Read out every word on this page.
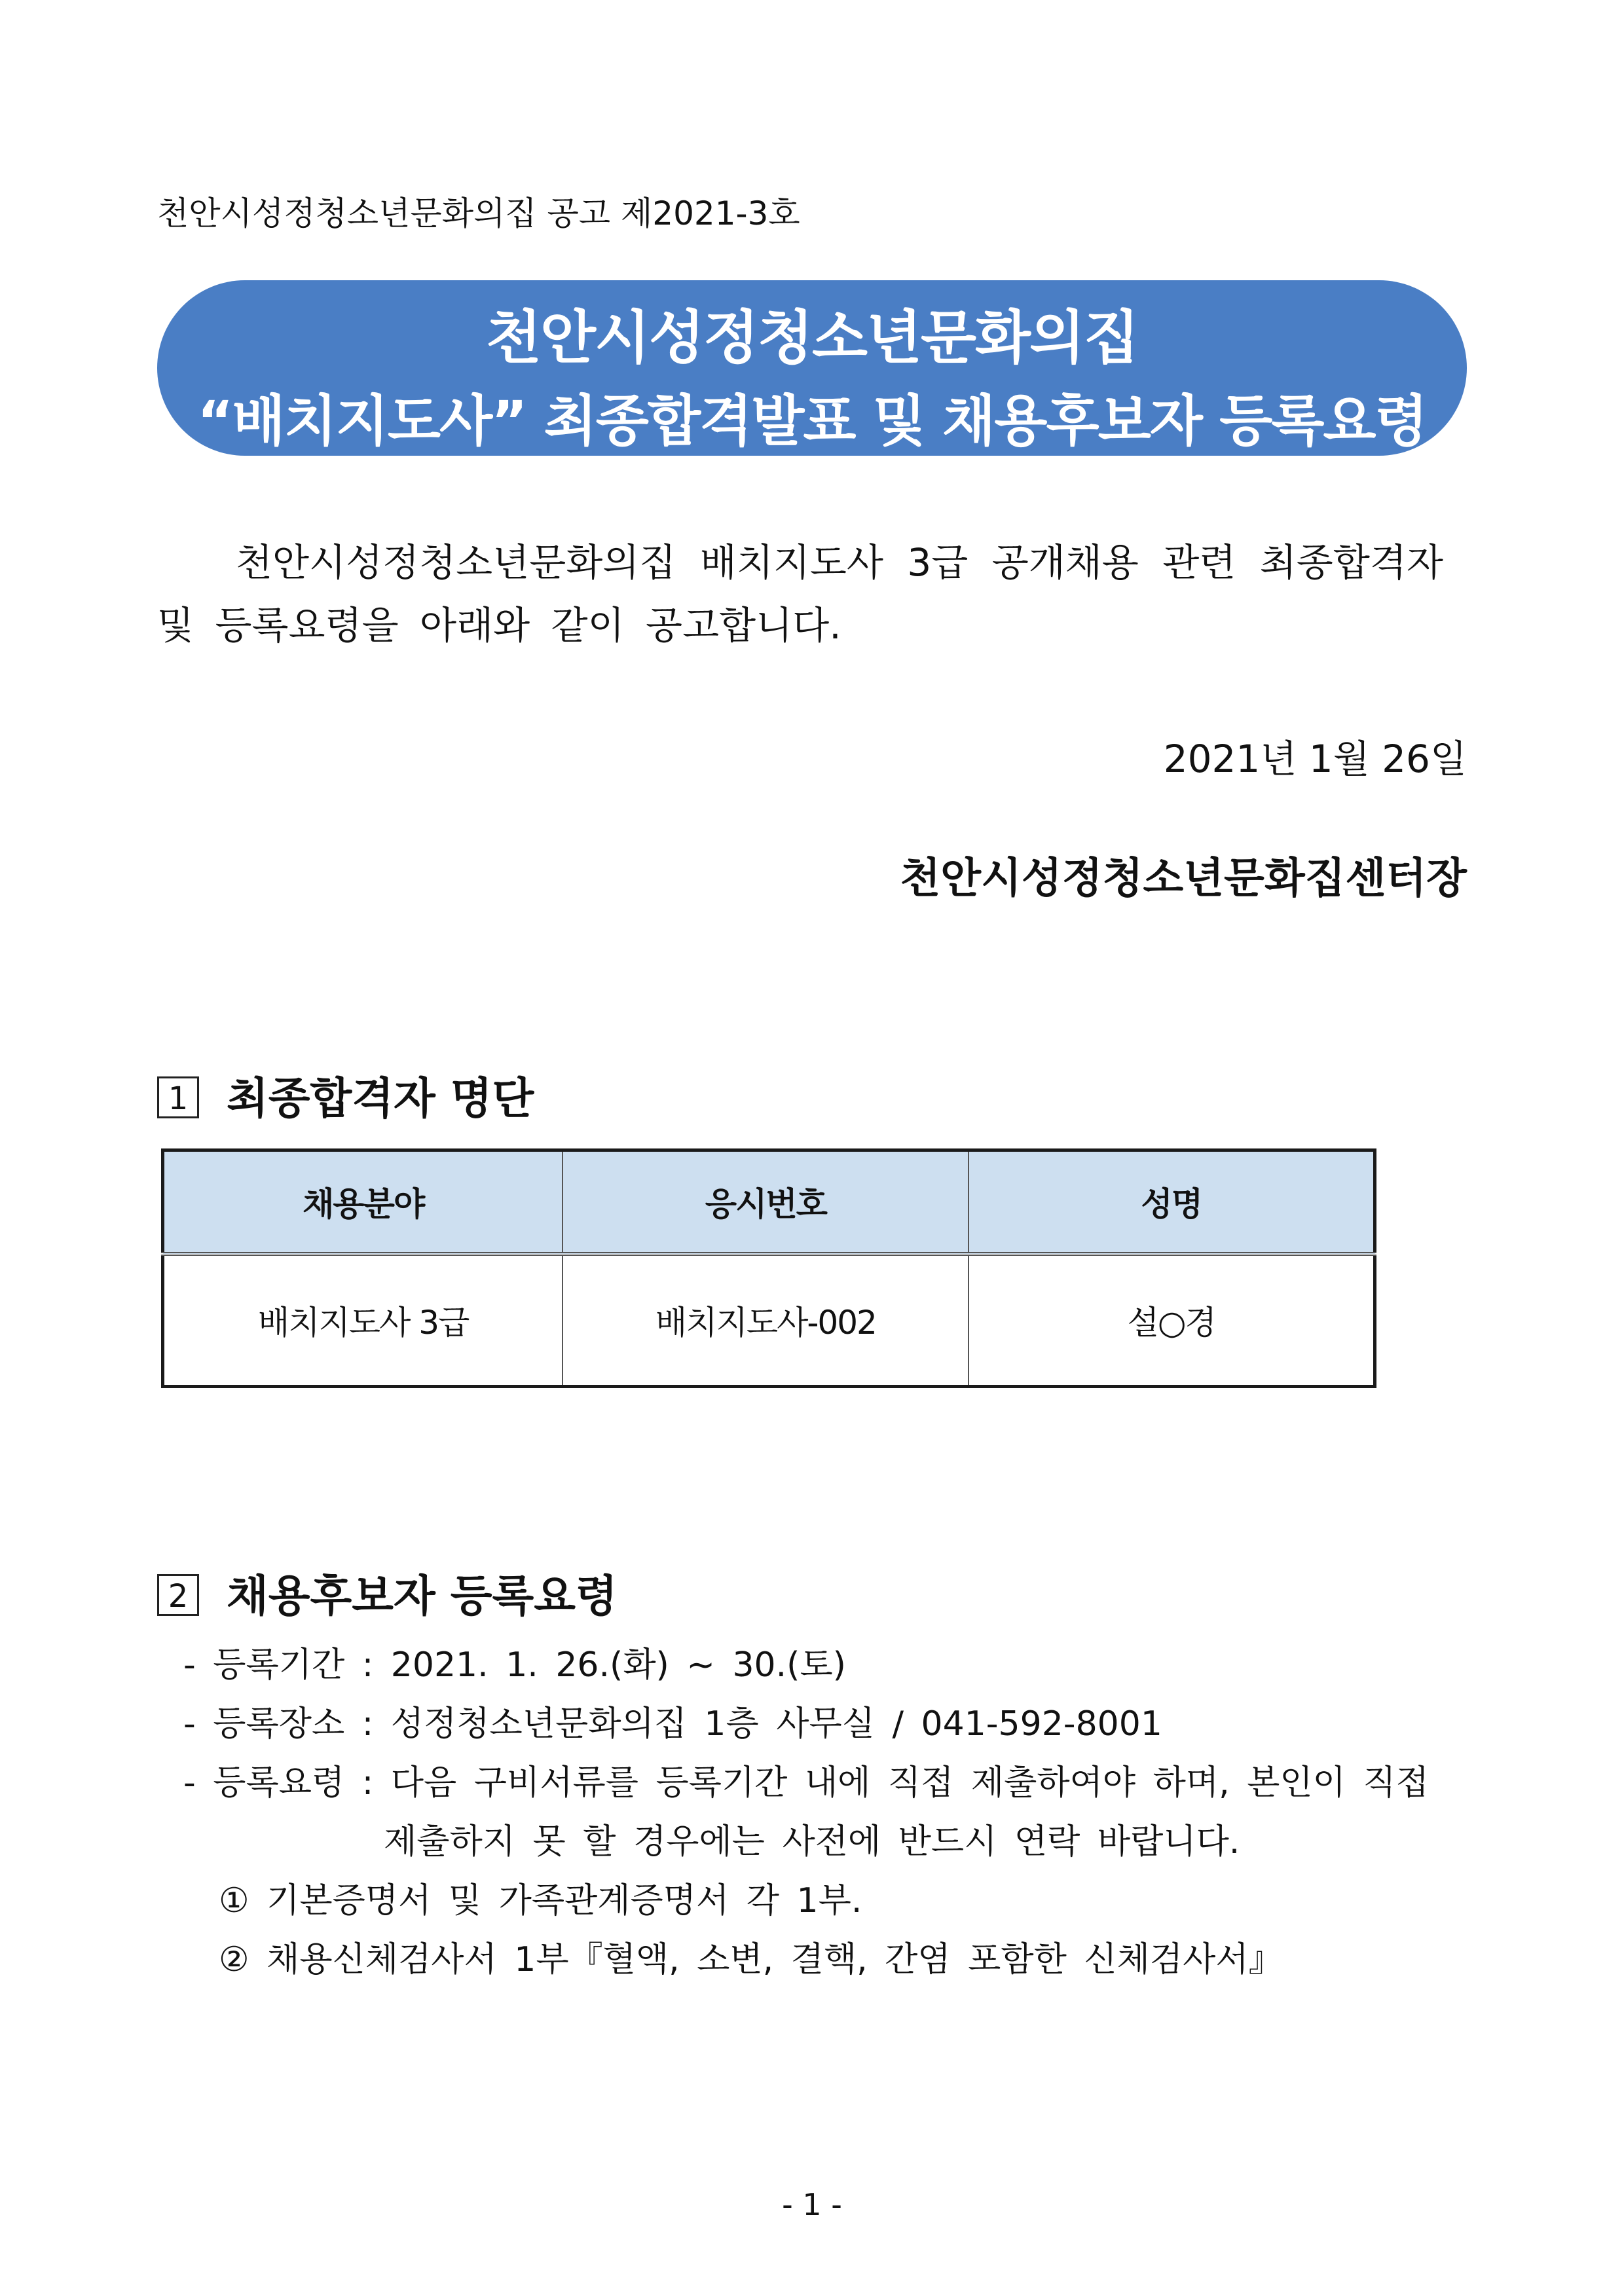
천안시성정청소년문화의집 공고 제2021-3호
천안시성정청소년문화의집
“배치지도사” 최종합격발표 및 채용후보자 등록요령
천안시성정청소년문화의집 배치지도사 3급 공개채용 관련 최종합격자
및 등록요령을 아래와 같이 공고합니다.
2021년 1월 26일
천안시성정청소년문화집센터장
1 최종합격자 명단
채용분야	응시번호	성명
배치지도사 3급	배치지도사-002	설○경
2 채용후보자 등록요령
- 등록기간 : 2021. 1. 26.(화) ~ 30.(토)
- 등록장소 : 성정청소년문화의집 1층 사무실 / 041-592-8001
- 등록요령 : 다음 구비서류를 등록기간 내에 직접 제출하여야 하며, 본인이 직접
제출하지 못 할 경우에는 사전에 반드시 연락 바랍니다.
① 기본증명서 및 가족관계증명서 각 1부.
② 채용신체검사서 1부『혈액, 소변, 결핵, 간염 포함한 신체검사서』
- 1 -
